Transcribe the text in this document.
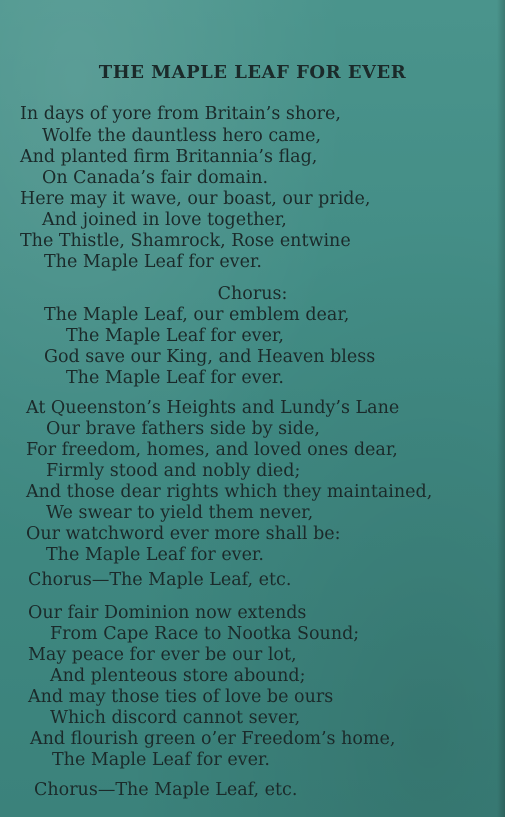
THE MAPLE LEAF FOR EVER
In days of yore from Britain’s shore,
Wolfe the dauntless hero came,
And planted firm Britannia’s flag,
On Canada’s fair domain.
Here may it wave, our boast, our pride,
And joined in love together,
The Thistle, Shamrock, Rose entwine
The Maple Leaf for ever.
Chorus:
The Maple Leaf, our emblem dear,
The Maple Leaf for ever,
God save our King, and Heaven bless
The Maple Leaf for ever.
At Queenston’s Heights and Lundy’s Lane
Our brave fathers side by side,
For freedom, homes, and loved ones dear,
Firmly stood and nobly died;
And those dear rights which they maintained,
We swear to yield them never,
Our watchword ever more shall be:
The Maple Leaf for ever.
Chorus—The Maple Leaf, etc.
Our fair Dominion now extends
From Cape Race to Nootka Sound;
May peace for ever be our lot,
And plenteous store abound;
And may those ties of love be ours
Which discord cannot sever,
And flourish green o’er Freedom’s home,
The Maple Leaf for ever.
Chorus—The Maple Leaf, etc.
